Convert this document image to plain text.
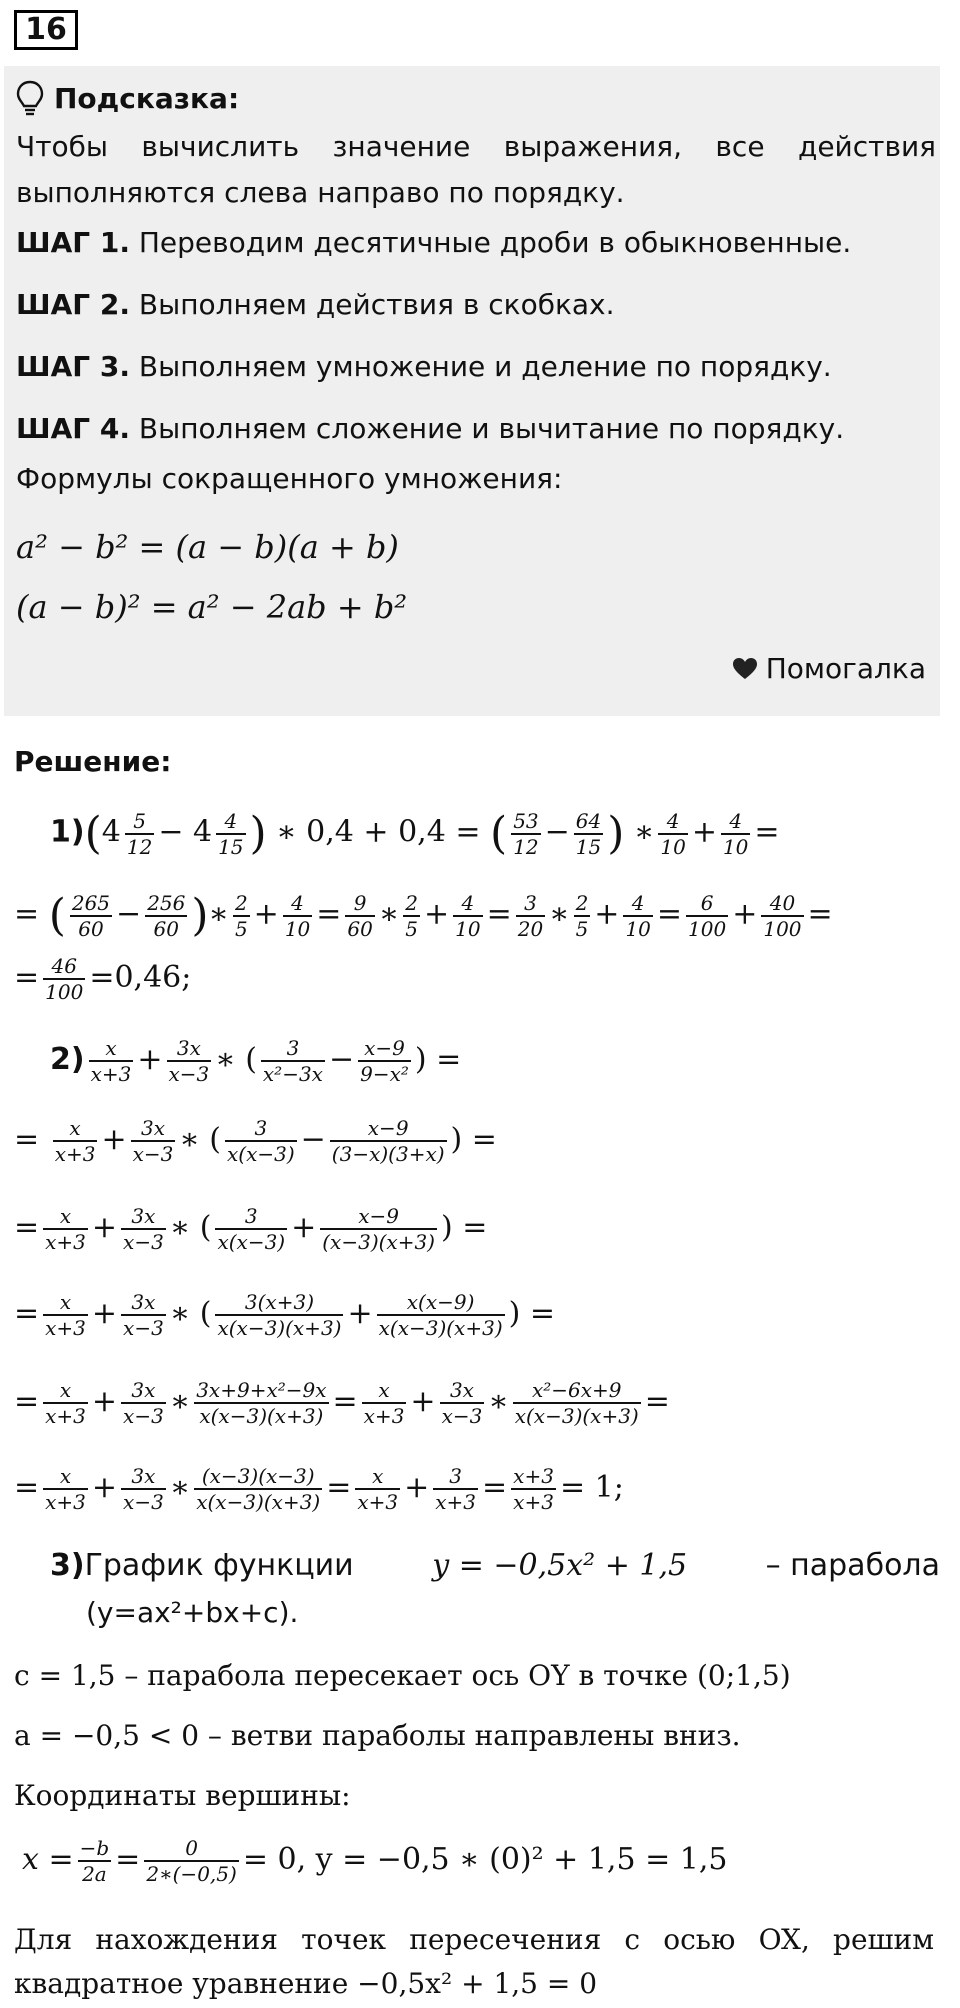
16
Подсказка:
Чтобы вычислить значение выражения, все действия выполняются слева направо по порядку.
ШАГ 1. Переводим десятичные дроби в обыкновенные.
ШАГ 2. Выполняем действия в скобках.
ШАГ 3. Выполняем умножение и деление по порядку.
ШАГ 4. Выполняем сложение и вычитание по порядку.
Формулы сокращенного умножения:
a² − b² = (a − b)(a + b)
(a − b)² = a² − 2ab + b²
Помогалка
Решение:
$1)(4 \frac{5}{12} - 4 \frac{4}{15}$ ) ∗ 0,4 + 0,4 = ( $\frac{53}{12} - \frac{64}{15}$ ) ∗ $\frac{4}{10} + \frac{4}{10}$ =
= ( $\frac{265}{60} - \frac{256}{60}$ )∗ $\frac{2}{5} + \frac{4}{10} = \frac{9}{60}$ ∗ $\frac{2}{5} + \frac{4}{10} = \frac{3}{20}$ ∗ $\frac{2}{5} + \frac{4}{10} = \frac{6}{100} + \frac{40}{100}$ =
= $\frac{46}{100} =0,46$;
$2) \frac{x}{x+3} + \frac{3x}{x-3}$ ∗ ( $\frac{3}{\text{x²−3x}} - \frac{x-9}{\text{9−x²}}$ ) =
= $\frac{x}{x+3} + \frac{3x}{x-3}$ ∗ ( $\frac{3}{x(x-3)} - \frac{x-9}{(3-x)(3+x)}$ ) =
= $\frac{x}{x+3} + \frac{3x}{x-3}$ ∗ ( $\frac{3}{x(x-3)} + \frac{x-9}{(x-3)(x+3)}$ ) =
= $\frac{x}{x+3} + \frac{3x}{x-3}$ ∗ ( $\frac{3(x+3)}{x(x-3)(x+3)} + \frac{x(x-9)}{x(x-3)(x+3)}$ ) =
= $\frac{x}{x+3} + \frac{3x}{x-3}$ ∗ $\frac{\text{3x+9+x²−9x}}{x(x-3)(x+3)} = \frac{x}{x+3} + \frac{3x}{x-3}$ ∗ $\frac{\text{x²−6x+9}}{x(x-3)(x+3)}$ =
= $\frac{x}{x+3} + \frac{3x}{x-3}$ ∗ $\frac{(x-3)(x-3)}{x(x-3)(x+3)} = \frac{x}{x+3} + \frac{3}{x+3} = \frac{x+3}{x+3} = 1$;
3)График функции	y = −0,5x² + 1,5	– парабола
(y=ax²+bx+c).
c = 1,5 – парабола пересекает ось OY в точке (0;1,5)
a = −0,5 < 0 – ветви параболы направлены вниз.
Координаты вершины:
$x = \frac{-b}{2a} = \frac{0}{2∗(-0,5)} = 0$, y = −0,5 ∗ (0)² + 1,5 = 1,5
Для нахождения точек пересечения с осью OX, решим квадратное уравнение −0,5x² + 1,5 = 0
